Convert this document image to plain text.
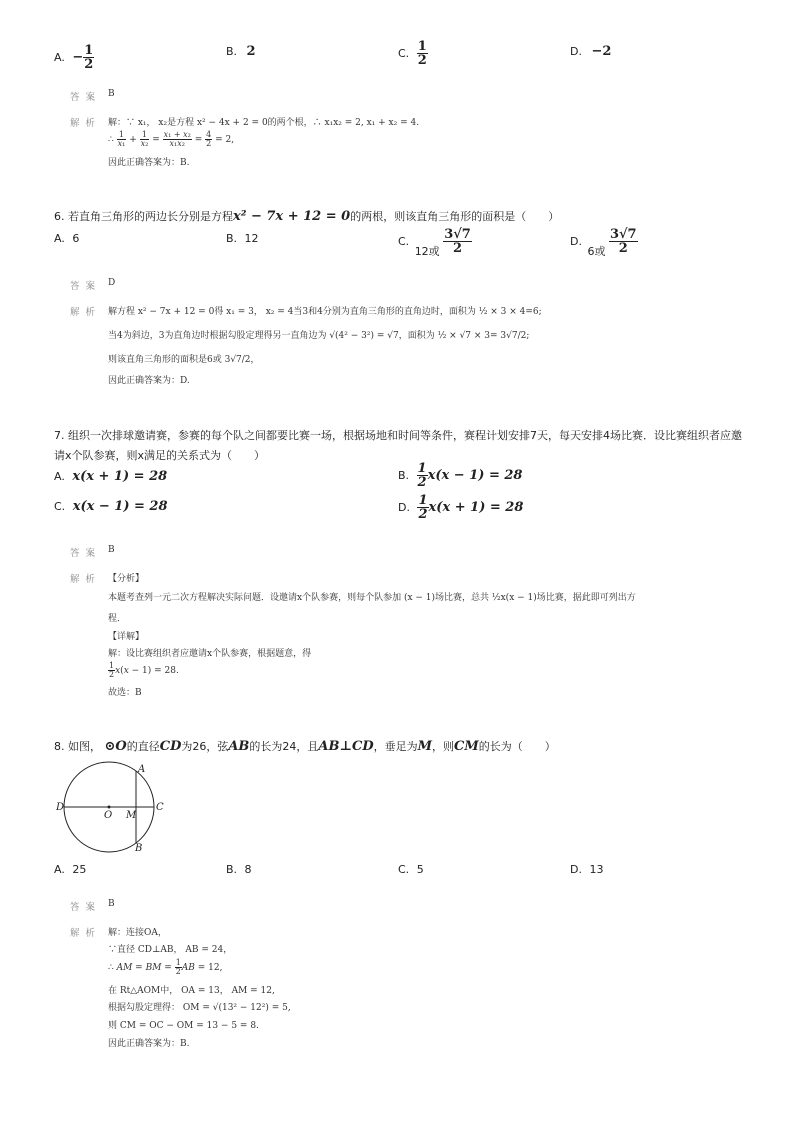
A. − $\frac{1}{2}$	B. 2	C. $\frac{1}{2}$	D. −2
答案 B
解析 解：∵ x₁， x₂是方程 x² − 4x + 2 = 0的两个根，∴ x₁x₂ = 2, x₁ + x₂ = 4.
∴ $\frac{1}{\text{x₁}} + \frac{1}{\text{x₂}} = \frac{\text{x₁ + x₂}}{\text{x₁x₂}} = \frac{4}{2} = 2$,
因此正确答案为：B.
6. 若直角三角形的两边长分别是方程x² − 7x + 12 = 0的两根，则该直角三角形的面积是（　　）
A. 6	B. 12	C. 12或 $\frac{3√7}{2}$	D. 6或 $\frac{3√7}{2}$
答案 D
解析 解方程 x² − 7x + 12 = 0得 x₁ = 3， x₂ = 4当3和4分别为直角三角形的直角边时，面积为 ½ × 3 × 4=6;
当4为斜边，3为直角边时根据勾股定理得另一直角边为 √(4² − 3²) = √7，面积为 ½ × √7 × 3= 3√7/2;
则该直角三角形的面积是6或 3√7/2，
因此正确答案为：D.
7. 组织一次排球邀请赛，参赛的每个队之间都要比赛一场，根据场地和时间等条件，赛程计划安排7天，每天安排4场比赛．设比赛组织者应邀
请x个队参赛，则x满足的关系式为（　　）
A. x(x + 1) = 28	B. $\frac{1}{2} x(x - 1) = 28$
C. x(x − 1) = 28	D. $\frac{1}{2} x(x + 1) = 28$
答案 B
解析 【分析】
本题考查列一元二次方程解决实际问题．设邀请x个队参赛，则每个队参加 (x − 1)场比赛，总共 ½x(x − 1)场比赛，据此即可列出方
程．
【详解】
解：设比赛组织者应邀请x个队参赛，根据题意，得
$\frac{1}{2} x(x - 1) = 28$.
故选：B
8. 如图， ⊙O的直径CD为26，弦AB的长为24，且AB⊥CD，垂足为M，则CM的长为（　　）
A
B
C
D
O M
A. 25	B. 8	C. 5	D. 13
答案 B
解析 解：连接OA，
∵直径 CD⊥AB， AB = 24，
∴ AM = BM = $\frac{1}{2}$ AB = 12,
在 Rt△AOM中， OA = 13， AM = 12,
根据勾股定理得： OM = √(13² − 12²) = 5,
则 CM = OC − OM = 13 − 5 = 8.
因此正确答案为：B.
